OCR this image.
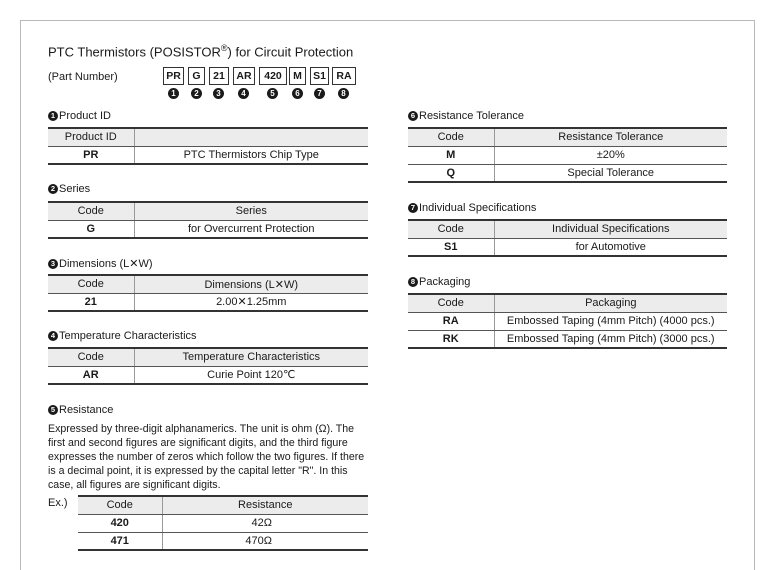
PTC Thermistors (POSISTOR®) for Circuit Protection
(Part Number)	PR	G	21	AR	420	M	S1 RA
1	2	3	4	5	6	7	8
1 Product ID
Product ID	
PR	PTC Thermistors Chip Type
2 Series
Code	Series
G	for Overcurrent Protection
3 Dimensions (L✕W)
Code	Dimensions (L✕W)
21	2.00✕1.25mm
4 Temperature Characteristics
Code	Temperature Characteristics
AR	Curie Point 120℃
5 Resistance
Expressed by three-digit alphanamerics. The unit is ohm (Ω). The first and second figures are significant digits, and the third figure expresses the number of zeros which follow the two figures. If there is a decimal point, it is expressed by the capital letter "R". In this case, all figures are significant digits.
Ex.)	Code	Resistance
420	42Ω
471	470Ω
6 Resistance Tolerance
Code	Resistance Tolerance
M	±20%
Q	Special Tolerance
7 Individual Specifications
Code	Individual Specifications
S1	for Automotive
8 Packaging
Code	Packaging
RA	Embossed Taping (4mm Pitch) (4000 pcs.)
RK	Embossed Taping (4mm Pitch) (3000 pcs.)
